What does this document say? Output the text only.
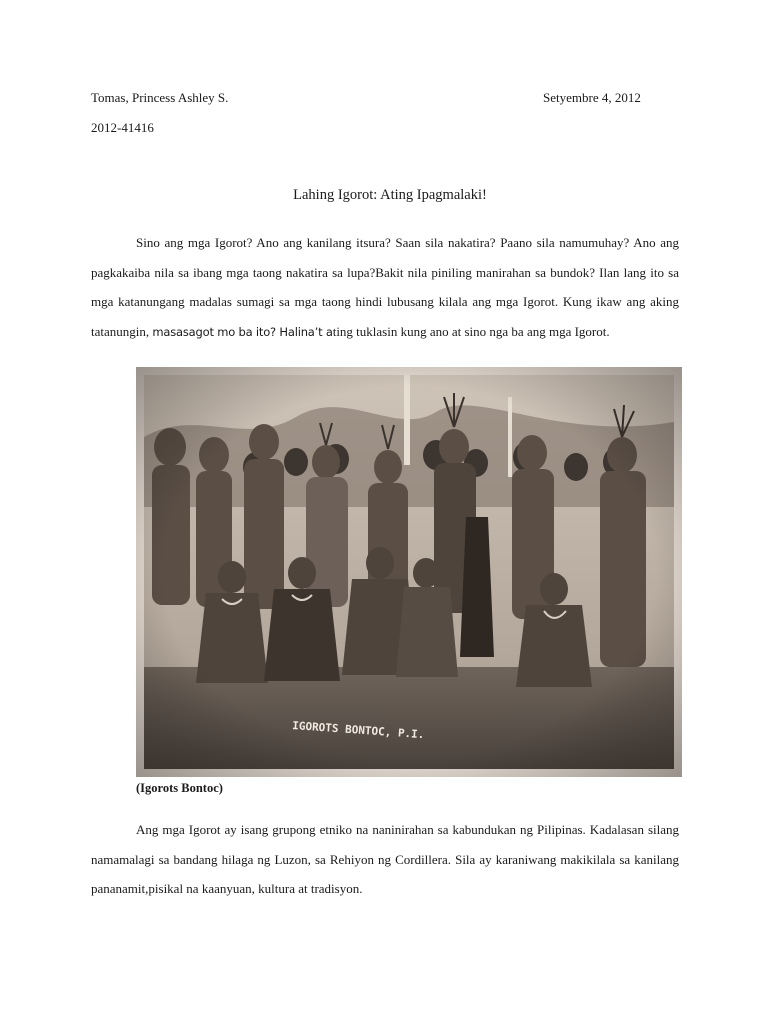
Tomas, Princess Ashley S.	Setyembre 4, 2012
2012-41416
Lahing Igorot: Ating Ipagmalaki!

Sino ang mga Igorot? Ano ang kanilang itsura? Saan sila nakatira? Paano sila namumuhay? Ano ang pagkakaiba nila sa ibang mga taong nakatira sa lupa?Bakit nila piniling manirahan sa bundok? Ilan lang ito sa mga katanungang madalas sumagi sa mga taong hindi lubusang kilala ang mga Igorot. Kung ikaw ang aking tatanungin, masasagot mo ba ito? Halina’t ating tuklasin kung ano at sino nga ba ang mga Igorot.

(Igorots Bontoc)

Ang mga Igorot ay isang grupong etniko na naninirahan sa kabundukan ng Pilipinas. Kadalasan silang namamalagi sa bandang hilaga ng Luzon, sa Rehiyon ng Cordillera. Sila ay karaniwang makikilala sa kanilang pananamit,pisikal na kaanyuan, kultura at tradisyon.
